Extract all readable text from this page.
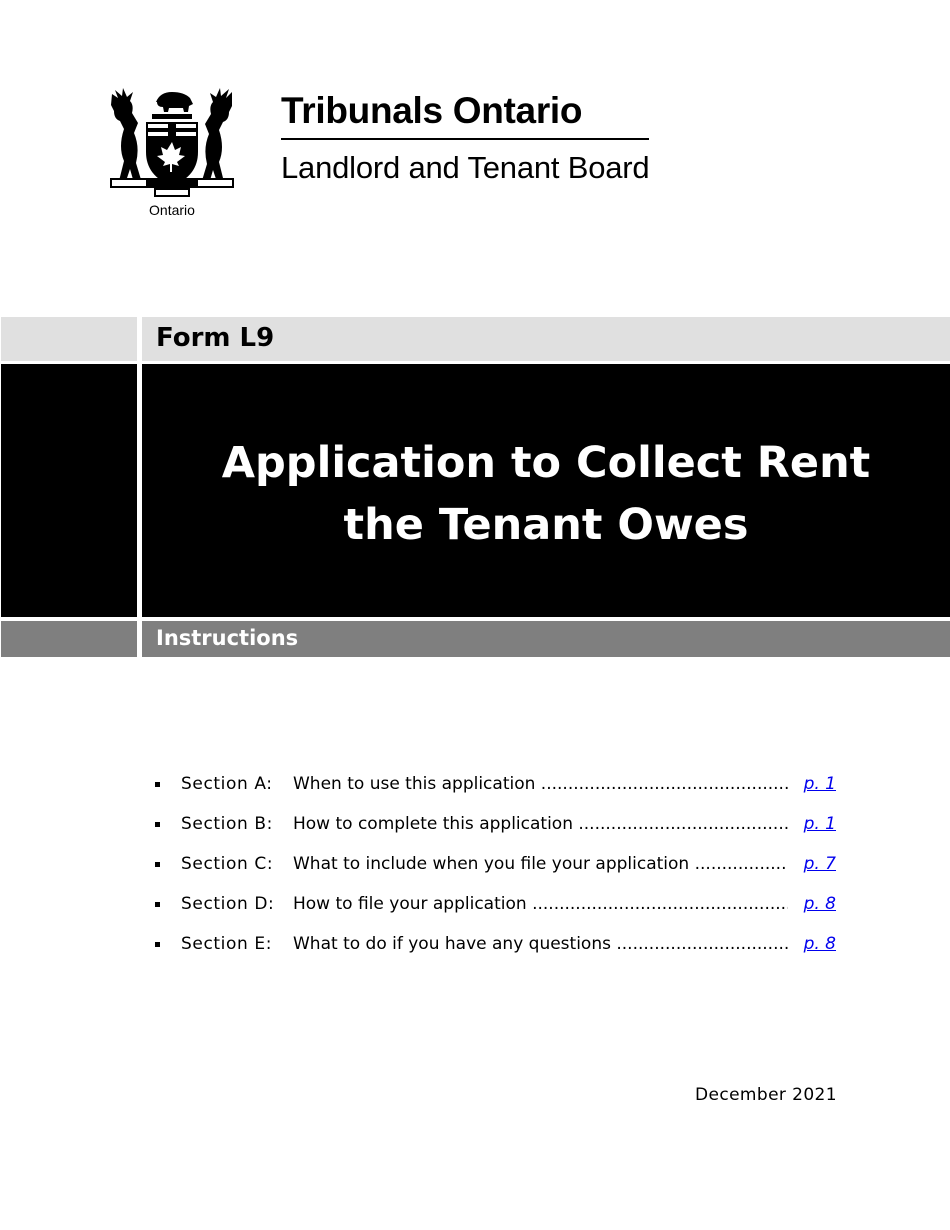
Ontario
Tribunals Ontario
Landlord and Tenant Board
Form L9
Application to Collect Rent
the Tenant Owes
Instructions
Section A: When to use this application .....	p. 1
Section B: How to complete this application .....	p. 1
Section C: What to include when you file your application .....	p. 7
Section D: How to file your application .....	p. 8
Section E: What to do if you have any questions .....	p. 8
December 2021
